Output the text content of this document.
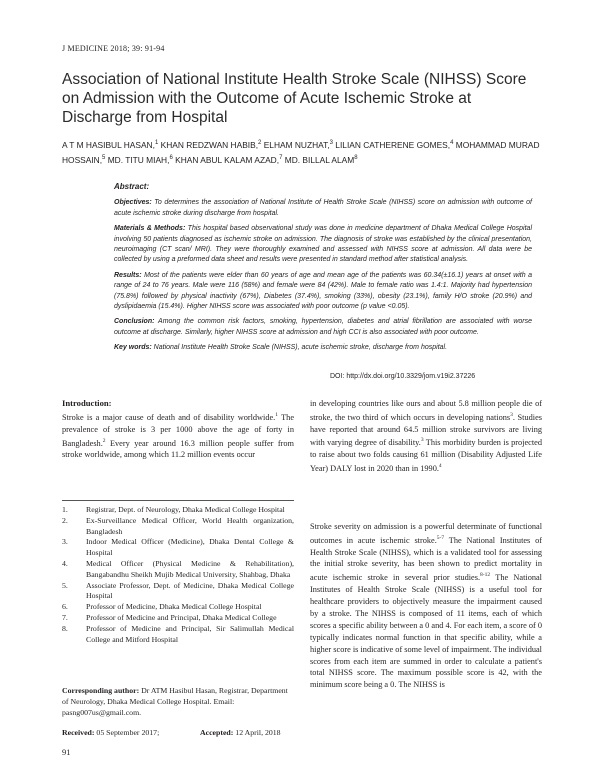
J MEDICINE 2018; 39: 91-94
Association of National Institute Health Stroke Scale (NIHSS) Score on Admission with the Outcome of Acute Ischemic Stroke at Discharge from Hospital
A T M HASIBUL HASAN,$^1$ KHAN REDZWAN HABIB,$^2$ ELHAM NUZHAT,$^3$ LILIAN CATHERENE GOMES,$^4$ MOHAMMAD MURAD HOSSAIN,$^5$ MD. TITU MIAH,$^6$ KHAN ABUL KALAM AZAD,$^7$ MD. BILLAL ALAM$^8$

Abstract:

Objectives: To determines the association of National Institute of Health Stroke Scale (NIHSS) score on admission with outcome of acute ischemic stroke during discharge from hospital.

Materials & Methods: This hospital based observational study was done in medicine department of Dhaka Medical College Hospital involving 50 patients diagnosed as ischemic stroke on admission. The diagnosis of stroke was established by the clinical presentation, neuroimaging (CT scan/ MRI). They were thoroughly examined and assessed with NIHSS score at admission. All data were be collected by using a preformed data sheet and results were presented in standard method after statistical analysis.

Results: Most of the patients were elder than 60 years of age and mean age of the patients was 60.34(±16.1) years at onset with a range of 24 to 76 years. Male were 116 (58%) and female were 84 (42%). Male to female ratio was 1.4:1. Majority had hypertension (75.8%) followed by physical inactivity (67%), Diabetes (37.4%), smoking (33%), obesity (23.1%), family H/O stroke (20.9%) and dyslipidaemia (15.4%). Higher NIHSS score was associated with poor outcome (p value <0.05).

Conclusion: Among the common risk factors, smoking, hypertension, diabetes and atrial fibrillation are associated with worse outcome at discharge. Similarly, higher NIHSS score at admission and high CCI is also associated with poor outcome.

Key words: National Institute Health Stroke Scale (NIHSS), acute ischemic stroke, discharge from hospital.

DOI: http://dx.doi.org/10.3329/jom.v19i2.37226
Introduction:
Stroke is a major cause of death and of disability worldwide.$^1$ The prevalence of stroke is 3 per 1000 above the age of forty in Bangladesh.$^2$ Every year around 16.3 million people suffer from stroke worldwide, among which 11.2 million events occur
1.	Registrar, Dept. of Neurology, Dhaka Medical College Hospital
2.	Ex-Surveillance Medical Officer, World Health organization, Bangladesh
3.	Indoor Medical Officer (Medicine), Dhaka Dental College & Hospital
4.	Medical Officer (Physical Medicine & Rehabilitation), Bangabandhu Sheikh Mujib Medical University, Shahbag, Dhaka
5.	Associate Professor, Dept. of Medicine, Dhaka Medical College Hospital
6.	Professor of Medicine, Dhaka Medical College Hospital
7.	Professor of Medicine and Principal, Dhaka Medical College
8.	Professor of Medicine and Principal, Sir Salimullah Medical College and Mitford Hospital
Corresponding author: Dr ATM Hasibul Hasan, Registrar, Department of Neurology, Dhaka Medical College Hospital. Email: pasng007us@gmail.com.
Received: 05 September 2017;	Accepted: 12 April, 2018
in developing countries like ours and about 5.8 million people die of stroke, the two third of which occurs in developing nations$^3$. Studies have reported that around 64.5 million stroke survivors are living with varying degree of disability.$^3$ This morbidity burden is projected to raise about two folds causing 61 million (Disability Adjusted Life Year) DALY lost in 2020 than in 1990.$^4$
Stroke severity on admission is a powerful determinate of functional outcomes in acute ischemic stroke.$^{5-7}$ The National Institutes of Health Stroke Scale (NIHSS), which is a validated tool for assessing the initial stroke severity, has been shown to predict mortality in acute ischemic stroke in several prior studies.$^{8-12}$ The National Institutes of Health Stroke Scale (NIHSS) is a useful tool for healthcare providers to objectively measure the impairment caused by a stroke. The NIHSS is composed of 11 items, each of which scores a specific ability between a 0 and 4. For each item, a score of 0 typically indicates normal function in that specific ability, while a higher score is indicative of some level of impairment. The individual scores from each item are summed in order to calculate a patient's total NIHSS score. The maximum possible score is 42, with the minimum score being a 0. The NIHSS is
91
